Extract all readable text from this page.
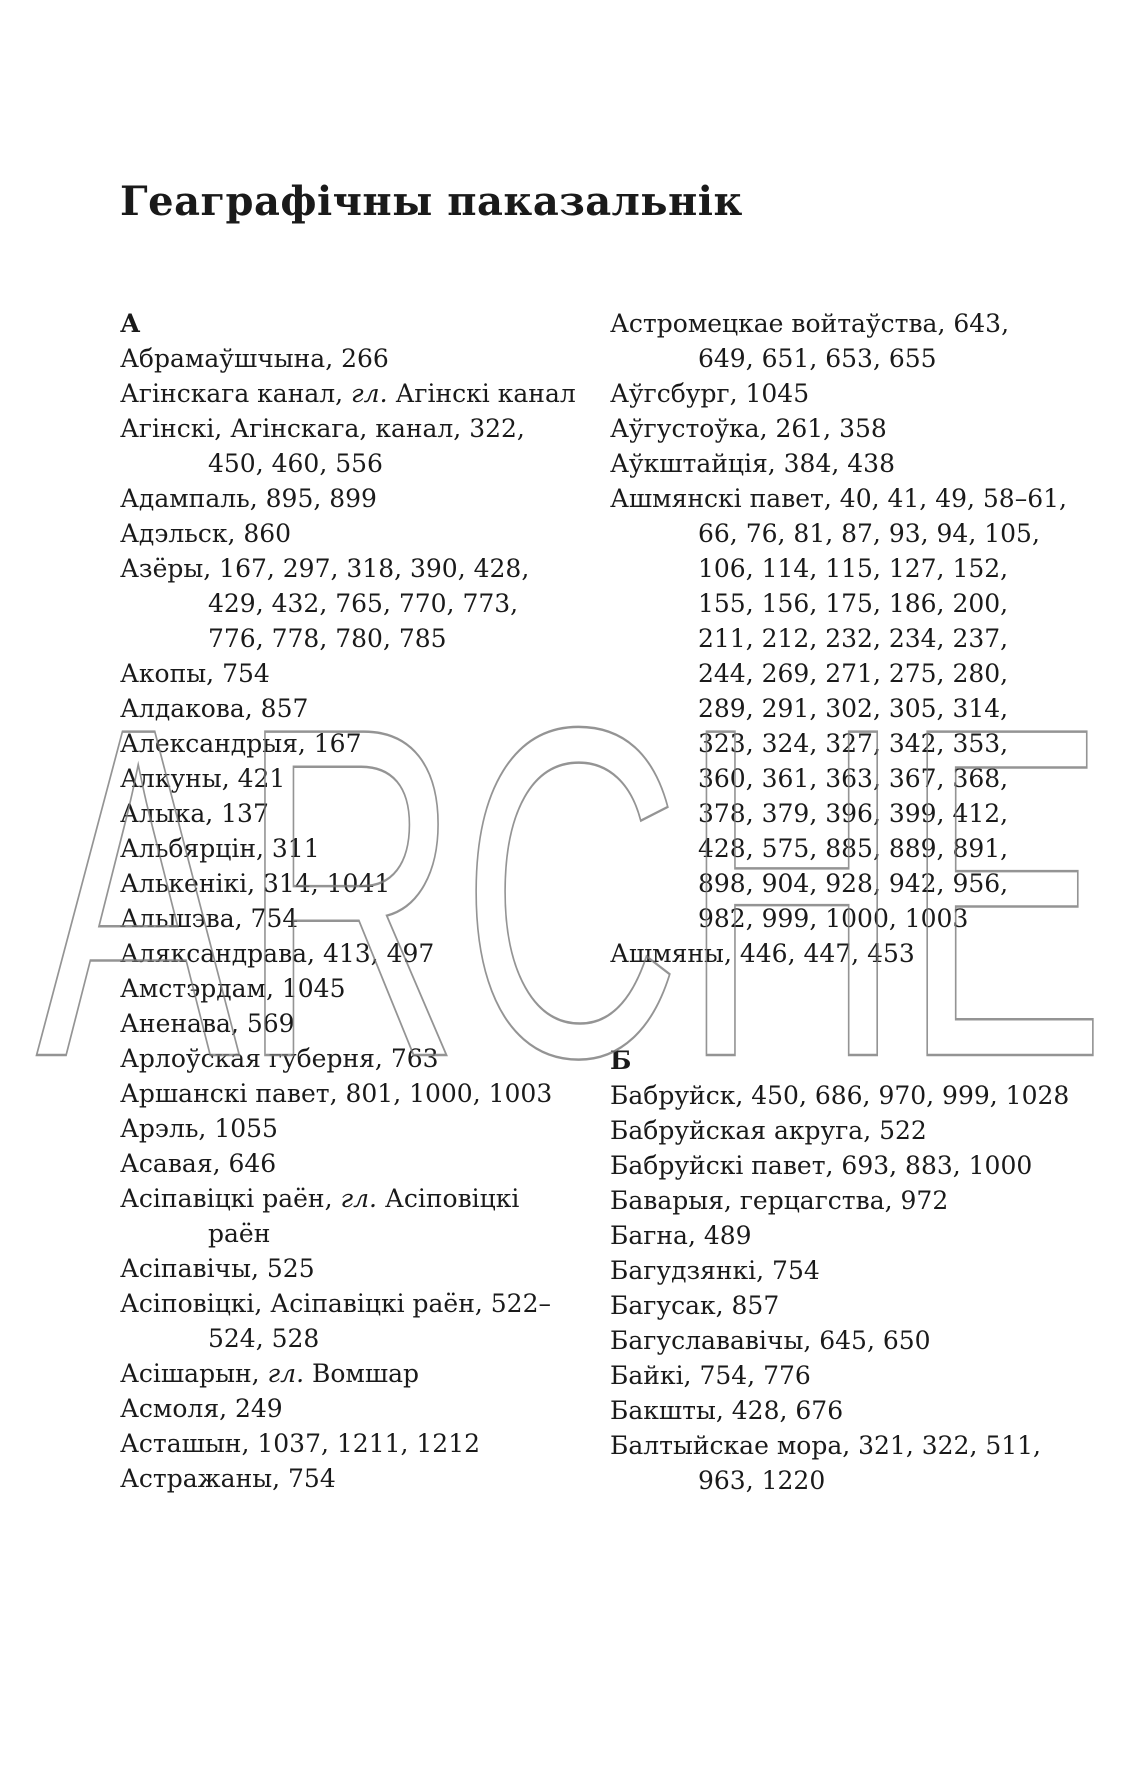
Геаграфічны паказальнік
А
Абрамаўшчына, 266
Агінскага канал, гл. Агінскі канал
Агінскі, Агінскага, канал, 322, 450, 460, 556
Адампаль, 895, 899
Адэльск, 860
Азёры, 167, 297, 318, 390, 428, 429, 432, 765, 770, 773, 776, 778, 780, 785
Акопы, 754
Алдакова, 857
Александрыя, 167
Алкуны, 421
Алыка, 137
Альбярцін, 311
Алькенікі, 314, 1041
Альшэва, 754
Аляксандрава, 413, 497
Амстэрдам, 1045
Аненава, 569
Арлоўская губерня, 763
Аршанскі павет, 801, 1000, 1003
Арэль, 1055
Асавая, 646
Асіпавіцкі раён, гл. Асіповіцкі раён
Асіпавічы, 525
Асіповіцкі, Асіпавіцкі раён, 522–524, 528
Асішарын, гл. Вомшар
Асмоля, 249
Асташын, 1037, 1211, 1212
Астражаны, 754
Астромецкае войтаўства, 643, 649, 651, 653, 655
Аўгсбург, 1045
Аўгустоўка, 261, 358
Аўкштайція, 384, 438
Ашмянскі павет, 40, 41, 49, 58–61, 66, 76, 81, 87, 93, 94, 105, 106, 114, 115, 127, 152, 155, 156, 175, 186, 200, 211, 212, 232, 234, 237, 244, 269, 271, 275, 280, 289, 291, 302, 305, 314, 323, 324, 327, 342, 353, 360, 361, 363, 367, 368, 378, 379, 396, 399, 412, 428, 575, 885, 889, 891, 898, 904, 928, 942, 956, 982, 999, 1000, 1003
Ашмяны, 446, 447, 453
Б
Бабруйск, 450, 686, 970, 999, 1028
Бабруйская акруга, 522
Бабруйскі павет, 693, 883, 1000
Баварыя, герцагства, 972
Багна, 489
Багудзянкі, 754
Багусак, 857
Багуслававічы, 645, 650
Байкі, 754, 776
Бакшты, 428, 676
Балтыйскае мора, 321, 322, 511, 963, 1220
ARCHE
